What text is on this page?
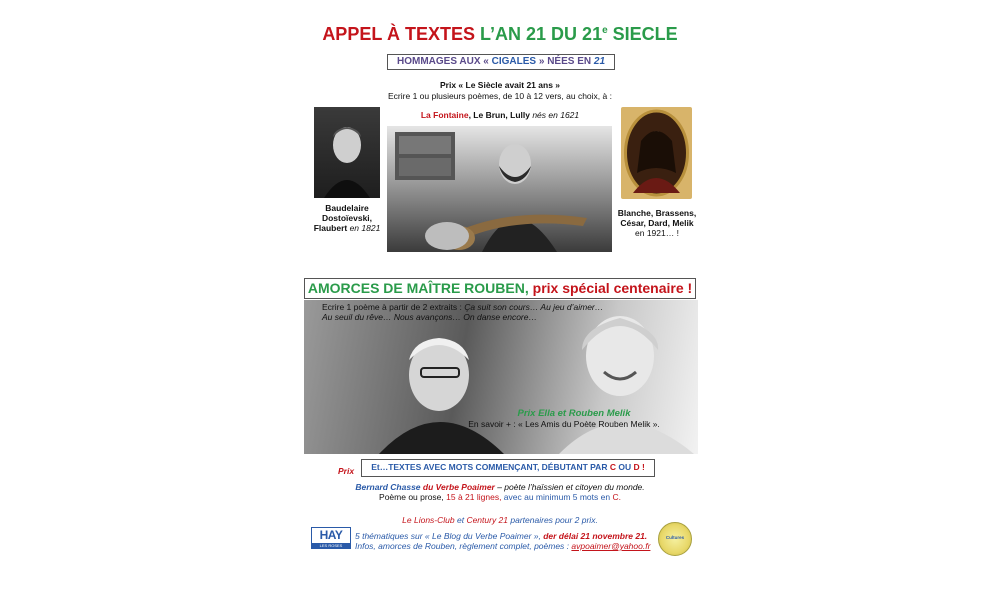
APPEL À TEXTES L’AN 21 DU 21e SIECLE
HOMMAGES AUX « CIGALES » NÉES EN 21
Prix « Le Siècle avait 21 ans »
Ecrire 1 ou plusieurs poèmes, de 10 à 12 vers, au choix, à :
La Fontaine, Le Brun, Lully nés en 1621
Baudelaire
Dostoïevski,
Flaubert en 1821
Blanche, Brassens,
César, Dard, Melik
en 1921… !
AMORCES DE MAÎTRE ROUBEN, prix spécial centenaire !
Ecrire 1 poème à partir de 2 extraits : Ça suit son cours… Au jeu d’aimer…
Au seuil du rêve… Nous avançons… On danse encore…
Prix Ella et Rouben Melik
En savoir + : « Les Amis du Poète Rouben Melik ».
Prix	Et…TEXTES AVEC MOTS COMMENÇANT, DÉBUTANT PAR C OU D !
Bernard Chasse du Verbe Poaimer – poète l’haïssien et citoyen du monde.
Poème ou prose, 15 à 21 lignes, avec au minimum 5 mots en C.
Le Lions-Club et Century 21 partenaires pour 2 prix.
HAY
LES ROSES
5 thématiques sur « Le Blog du Verbe Poaimer », der délai 21 novembre 21.
Infos, amorces de Rouben, règlement complet, poèmes : avpoaimer@yahoo.fr
Cultures
